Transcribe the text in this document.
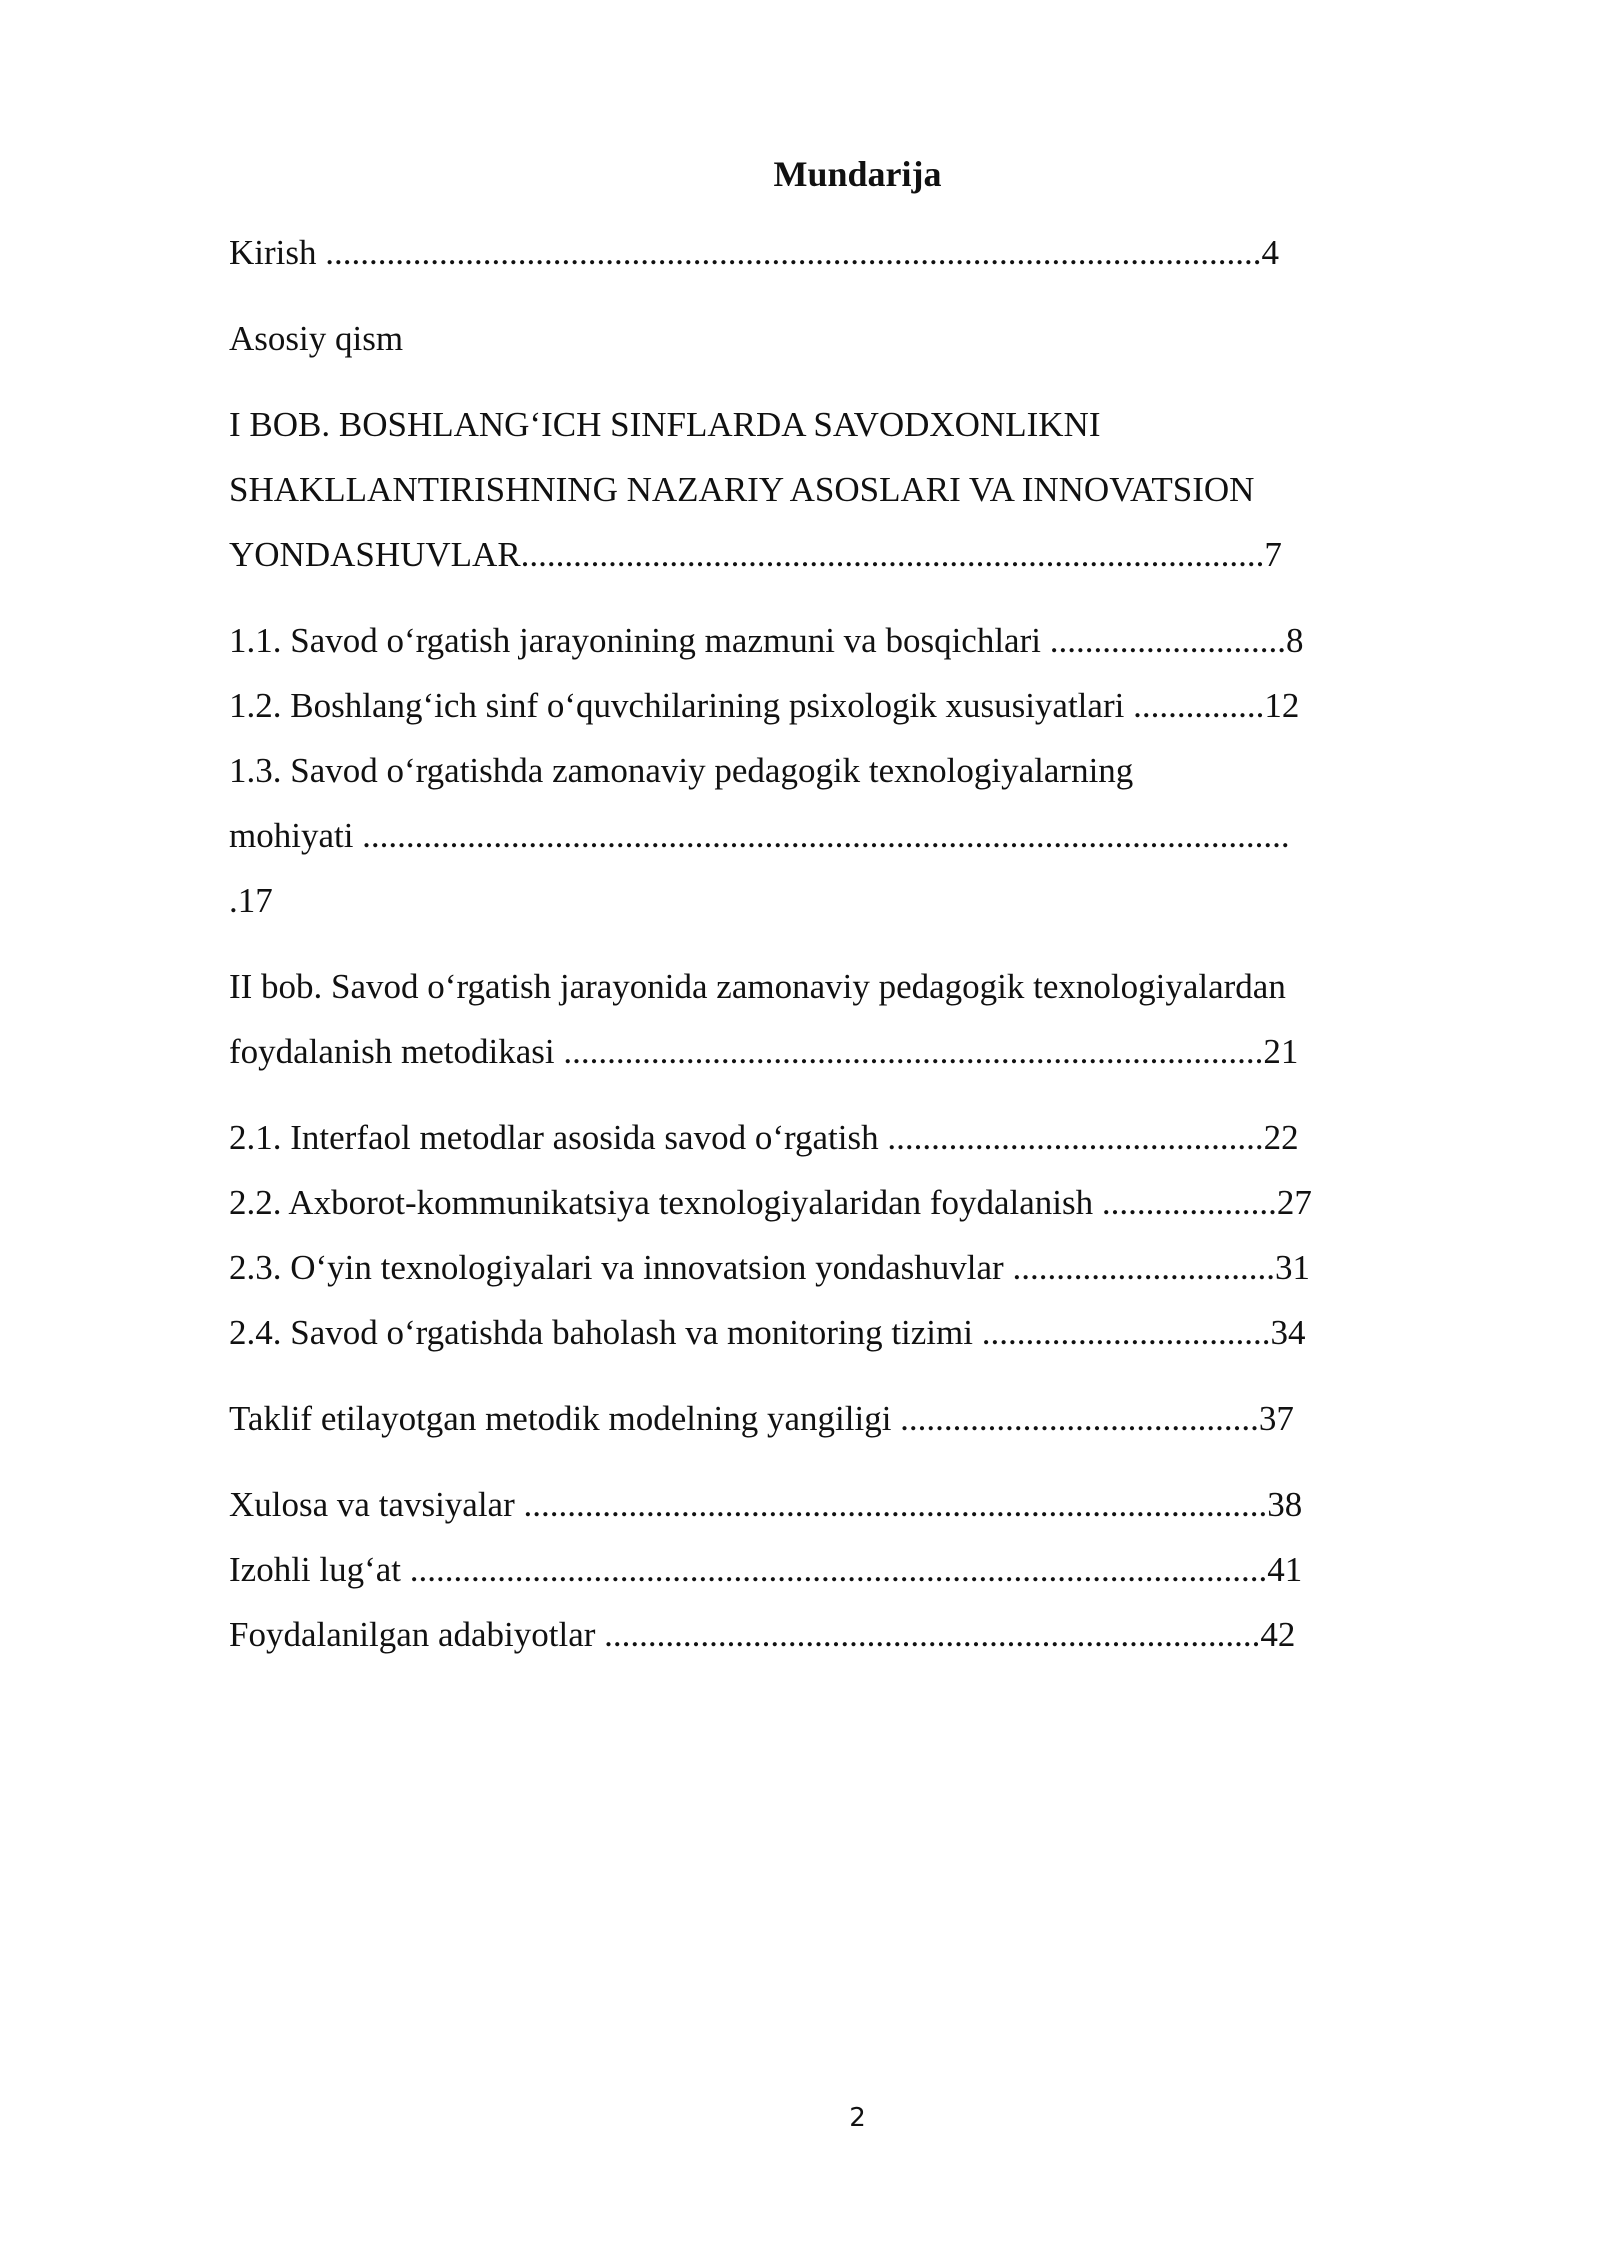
Mundarija

Kirish ...........................................................................................................4

Asosiy qism

I BOB. BOSHLANG‘ICH SINFLARDA SAVODXONLIKNI

SHAKLLANTIRISHNING NAZARIY ASOSLARI VA INNOVATSION

YONDASHUVLAR.....................................................................................7

1.1. Savod o‘rgatish jarayonining mazmuni va bosqichlari ...........................8

1.2. Boshlang‘ich sinf o‘quvchilarining psixologik xususiyatlari ...............12

1.3. Savod o‘rgatishda zamonaviy pedagogik texnologiyalarning

mohiyati ..........................................................................................................

.17

II bob. Savod o‘rgatish jarayonida zamonaviy pedagogik texnologiyalardan

foydalanish metodikasi ................................................................................21

2.1. Interfaol metodlar asosida savod o‘rgatish ...........................................22

2.2. Axborot-kommunikatsiya texnologiyalaridan foydalanish ....................27

2.3. O‘yin texnologiyalari va innovatsion yondashuvlar ..............................31

2.4. Savod o‘rgatishda baholash va monitoring tizimi .................................34

Taklif etilayotgan metodik modelning yangiligi .........................................37

Xulosa va tavsiyalar .....................................................................................38

Izohli lug‘at ..................................................................................................41

Foydalanilgan adabiyotlar ...........................................................................42

2
